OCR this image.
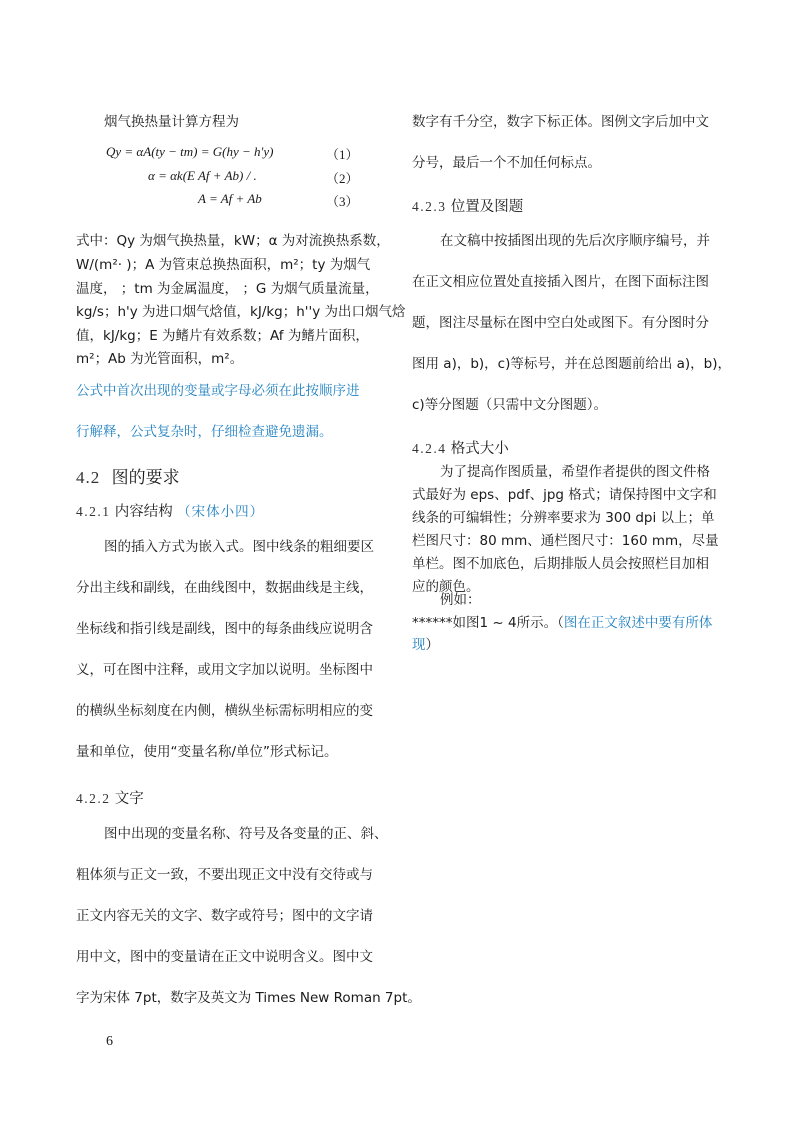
烟气换热量计算方程为
Qy = αA(ty − tm) = G(hy − h'y)	（1）
α = αk(E Af + Ab) / .	（2）
A = Af + Ab	（3）
式中：Qy 为烟气换热量，kW；α 为对流换热系数，
W/(m²· )；A 为管束总换热面积，m²；ty 为烟气
温度， ；tm 为金属温度， ；G 为烟气质量流量，
kg/s；h'y 为进口烟气焓值，kJ/kg；h''y 为出口烟气焓
值，kJ/kg；E 为鳍片有效系数；Af 为鳍片面积，
m²；Ab 为光管面积，m²。
公式中首次出现的变量或字母必须在此按顺序进
行解释，公式复杂时，仔细检查避免遗漏。
4.2 图的要求
4.2.1 内容结构 （宋体小四）
图的插入方式为嵌入式。图中线条的粗细要区
分出主线和副线，在曲线图中，数据曲线是主线，
坐标线和指引线是副线，图中的每条曲线应说明含
义，可在图中注释，或用文字加以说明。坐标图中
的横纵坐标刻度在内侧，横纵坐标需标明相应的变
量和单位，使用“变量名称/单位”形式标记。
4.2.2 文字
图中出现的变量名称、符号及各变量的正、斜、
粗体须与正文一致，不要出现正文中没有交待或与
正文内容无关的文字、数字或符号；图中的文字请
用中文，图中的变量请在正文中说明含义。图中文
字为宋体 7pt，数字及英文为 Times New Roman 7pt。
6
数字有千分空，数字下标正体。图例文字后加中文
分号，最后一个不加任何标点。
4.2.3 位置及图题
在文稿中按插图出现的先后次序顺序编号，并
在正文相应位置处直接插入图片，在图下面标注图
题，图注尽量标在图中空白处或图下。有分图时分
图用 a)，b)，c)等标号，并在总图题前给出 a)，b)，
c)等分图题（只需中文分图题）。
4.2.4 格式大小
为了提高作图质量，希望作者提供的图文件格
式最好为 eps、pdf、jpg 格式；请保持图中文字和
线条的可编辑性；分辨率要求为 300 dpi 以上；单
栏图尺寸：80 mm、通栏图尺寸：160 mm，尽量
单栏。图不加底色，后期排版人员会按照栏目加相
应的颜色。
例如：
******如图1 ~ 4所示。（图在正文叙述中要有所体
现）
